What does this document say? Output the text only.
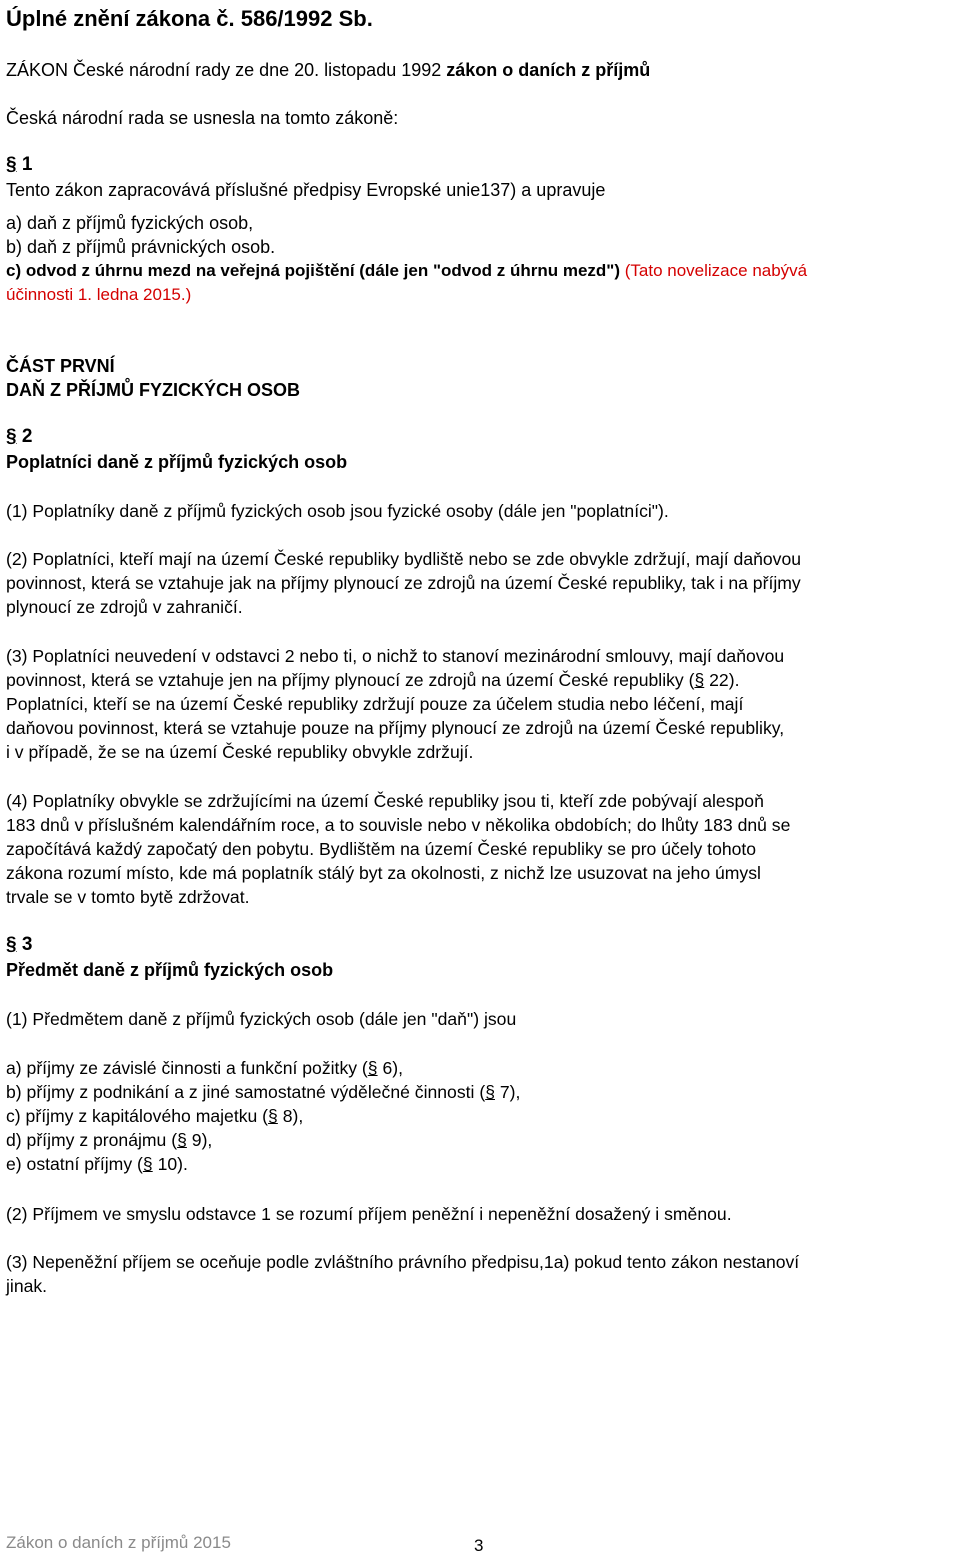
Úplné znění zákona č. 586/1992 Sb.
ZÁKON České národní rady ze dne 20. listopadu 1992 zákon o daních z příjmů
Česká národní rada se usnesla na tomto zákoně:
§ 1
Tento zákon zapracovává příslušné předpisy Evropské unie137) a upravuje
a) daň z příjmů fyzických osob,
b) daň z příjmů právnických osob.
c) odvod z úhrnu mezd na veřejná pojištění (dále jen "odvod z úhrnu mezd") (Tato novelizace nabývá
účinnosti 1. ledna 2015.)
ČÁST PRVNÍ
DAŇ Z PŘÍJMŮ FYZICKÝCH OSOB
§ 2
Poplatníci daně z příjmů fyzických osob
(1) Poplatníky daně z příjmů fyzických osob jsou fyzické osoby (dále jen "poplatníci").
(2) Poplatníci, kteří mají na území České republiky bydliště nebo se zde obvykle zdržují, mají daňovou
povinnost, která se vztahuje jak na příjmy plynoucí ze zdrojů na území České republiky, tak i na příjmy
plynoucí ze zdrojů v zahraničí.
(3) Poplatníci neuvedení v odstavci 2 nebo ti, o nichž to stanoví mezinárodní smlouvy, mají daňovou
povinnost, která se vztahuje jen na příjmy plynoucí ze zdrojů na území České republiky (§ 22).
Poplatníci, kteří se na území České republiky zdržují pouze za účelem studia nebo léčení, mají
daňovou povinnost, která se vztahuje pouze na příjmy plynoucí ze zdrojů na území České republiky,
i v případě, že se na území České republiky obvykle zdržují.
(4) Poplatníky obvykle se zdržujícími na území České republiky jsou ti, kteří zde pobývají alespoň
183 dnů v příslušném kalendářním roce, a to souvisle nebo v několika obdobích; do lhůty 183 dnů se
započítává každý započatý den pobytu. Bydlištěm na území České republiky se pro účely tohoto
zákona rozumí místo, kde má poplatník stálý byt za okolnosti, z nichž lze usuzovat na jeho úmysl
trvale se v tomto bytě zdržovat.
§ 3
Předmět daně z příjmů fyzických osob
(1) Předmětem daně z příjmů fyzických osob (dále jen "daň") jsou
a) příjmy ze závislé činnosti a funkční požitky (§ 6),
b) příjmy z podnikání a z jiné samostatné výdělečné činnosti (§ 7),
c) příjmy z kapitálového majetku (§ 8),
d) příjmy z pronájmu (§ 9),
e) ostatní příjmy (§ 10).
(2) Příjmem ve smyslu odstavce 1 se rozumí příjem peněžní i nepeněžní dosažený i směnou.
(3) Nepeněžní příjem se oceňuje podle zvláštního právního předpisu,1a) pokud tento zákon nestanoví
jinak.
Zákon o daních z příjmů 2015	3
